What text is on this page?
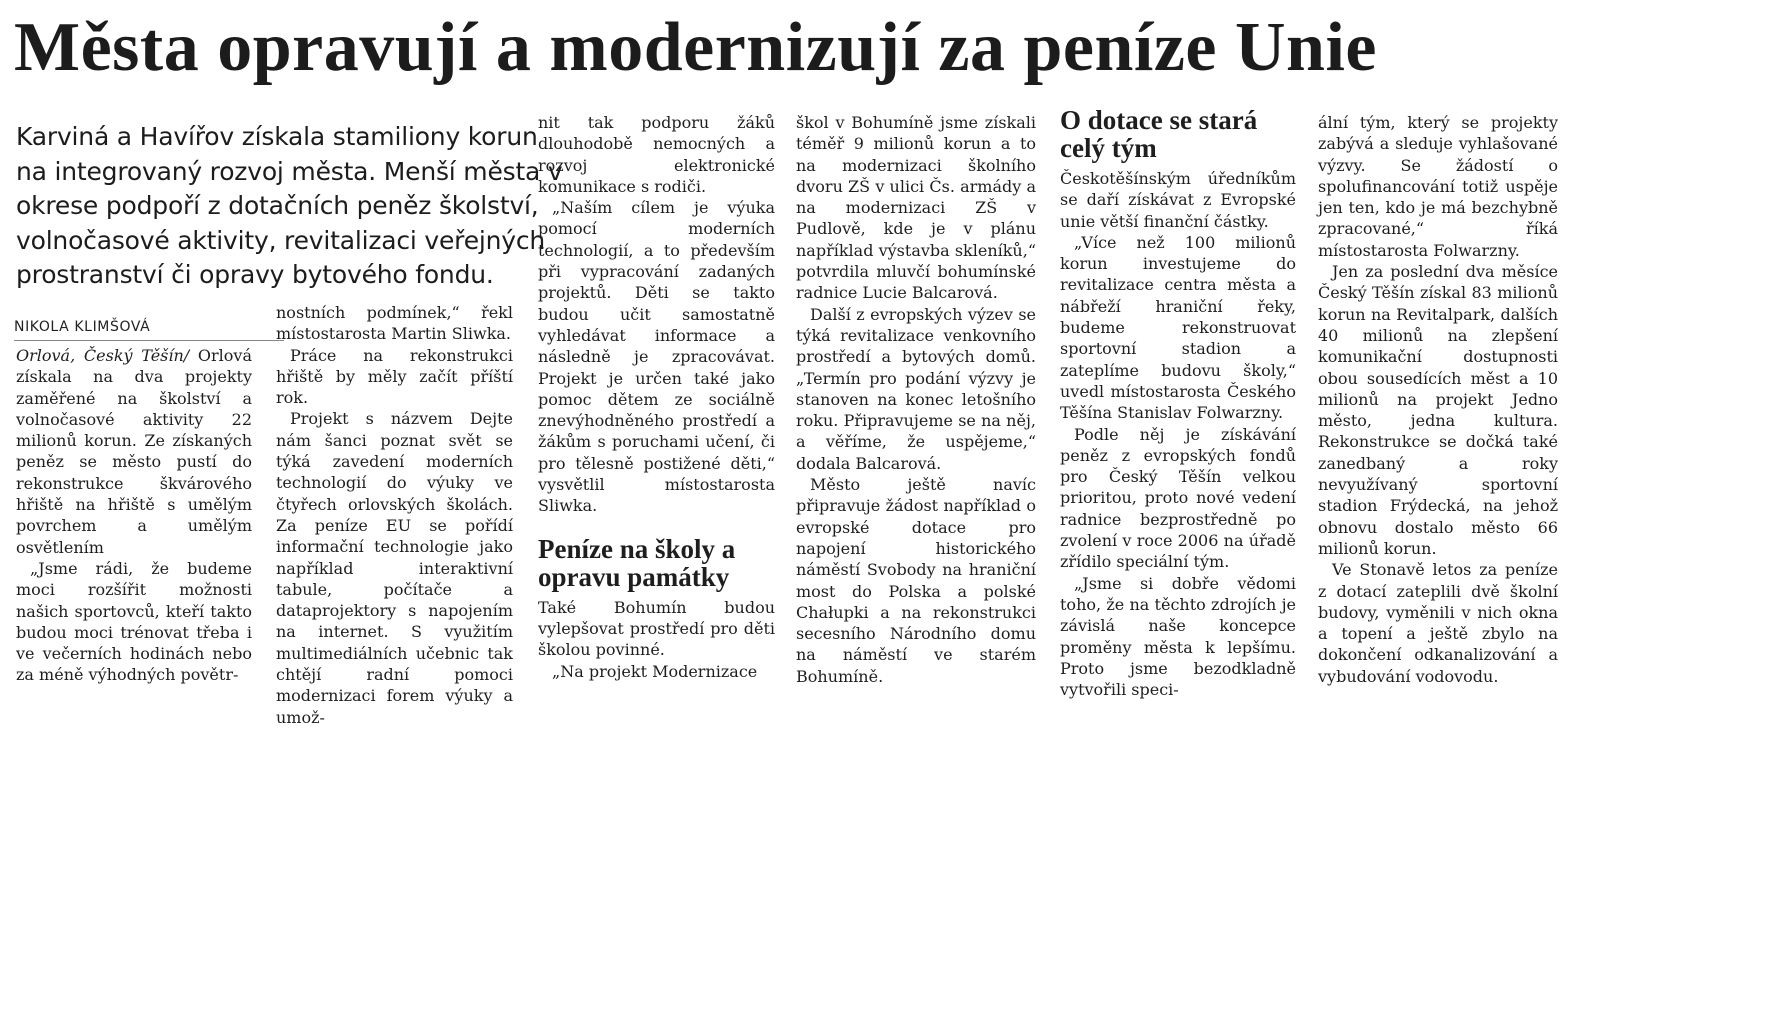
Města opravují a modernizují za peníze Unie
Karviná a Havířov získala stamiliony korun na integrovaný rozvoj města. Menší města v okrese podpoří z dotačních peněz školství, volnočasové aktivity, revitalizaci veřejných prostranství či opravy bytového fondu.
NIKOLA KLIMŠOVÁ

Orlová, Český Těšín/ Orlová získala na dva projekty zaměřené na školství a volnočasové aktivity 22 milionů korun. Ze získaných peněz se město pustí do rekonstrukce škvárového hřiště na hřiště s umělým povrchem a umělým osvětlením

„Jsme rádi, že budeme moci rozšířit možnosti našich sportovců, kteří takto budou moci trénovat třeba i ve večerních hodinách nebo za méně výhodných povětr-

nostních podmínek,“ řekl místostarosta Martin Sliwka.

Práce na rekonstrukci hřiště by měly začít příští rok.

Projekt s názvem Dejte nám šanci poznat svět se týká zavedení moderních technologií do výuky ve čtyřech orlovských školách. Za peníze EU se pořídí informační technologie jako například interaktivní tabule, počítače a dataprojektory s napojením na internet. S využitím multimediálních učebnic tak chtějí radní pomoci modernizaci forem výuky a umož-

nit tak podporu žáků dlouhodobě nemocných a rozvoj elektronické komunikace s rodiči.

„Naším cílem je výuka pomocí moderních technologií, a to především při vypracování zadaných projektů. Děti se takto budou učit samostatně vyhledávat informace a následně je zpracovávat. Projekt je určen také jako pomoc dětem ze sociálně znevýhodněného prostředí a žákům s poruchami učení, či pro tělesně postižené děti,“ vysvětlil místostarosta Sliwka.

Peníze na školy a opravu památky

Také Bohumín budou vylepšovat prostředí pro děti školou povinné.

„Na projekt Modernizace

škol v Bohumíně jsme získali téměř 9 milionů korun a to na modernizaci školního dvoru ZŠ v ulici Čs. armády a na modernizaci ZŠ v Pudlově, kde je v plánu například výstavba skleníků,“ potvrdila mluvčí bohumínské radnice Lucie Balcarová.

Další z evropských výzev se týká revitalizace venkovního prostředí a bytových domů. „Termín pro podání výzvy je stanoven na konec letošního roku. Připravujeme se na něj, a věříme, že uspějeme,“ dodala Balcarová.

Město ještě navíc připravuje žádost například o evropské dotace pro napojení historického náměstí Svobody na hraniční most do Polska a polské Chałupki a na rekonstrukci secesního Národního domu na náměstí ve starém Bohumíně.

O dotace se stará celý tým

Českotěšínským úředníkům se daří získávat z Evropské unie větší finanční částky.

„Více než 100 milionů korun investujeme do revitalizace centra města a nábřeží hraniční řeky, budeme rekonstruovat sportovní stadion a zateplíme budovu školy,“ uvedl místostarosta Českého Těšína Stanislav Folwarzny.

Podle něj je získávání peněz z evropských fondů pro Český Těšín velkou prioritou, proto nové vedení radnice bezprostředně po zvolení v roce 2006 na úřadě zřídilo speciální tým.

„Jsme si dobře vědomi toho, že na těchto zdrojích je závislá naše koncepce proměny města k lepšímu. Proto jsme bezodkladně vytvořili speci-

ální tým, který se projekty zabývá a sleduje vyhlašované výzvy. Se žádostí o spolufinancování totiž uspěje jen ten, kdo je má bezchybně zpracované,“ říká místostarosta Folwarzny.

Jen za poslední dva měsíce Český Těšín získal 83 milionů korun na Revitalpark, dalších 40 milionů na zlepšení komunikační dostupnosti obou sousedících měst a 10 milionů na projekt Jedno město, jedna kultura. Rekonstrukce se dočká také zanedbaný a roky nevyužívaný sportovní stadion Frýdecká, na jehož obnovu dostalo město 66 milionů korun.

Ve Stonavě letos za peníze z dotací zateplili dvě školní budovy, vyměnili v nich okna a topení a ještě zbylo na dokončení odkanalizování a vybudování vodovodu.
